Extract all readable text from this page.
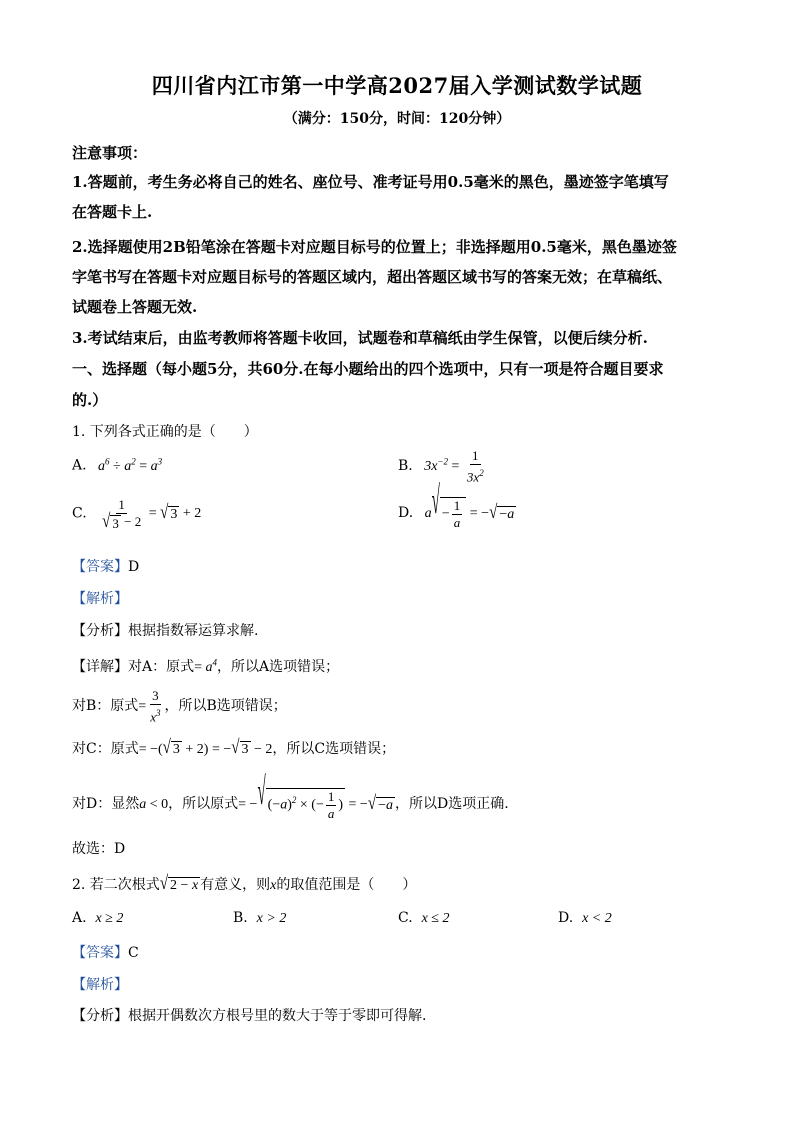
四川省内江市第一中学高2027届入学测试数学试题
（满分：150分，时间：120分钟）
注意事项：
1.答题前，考生务必将自己的姓名、座位号、准考证号用0.5毫米的黑色，墨迹签字笔填写
在答题卡上.
2.选择题使用2B铅笔涂在答题卡对应题目标号的位置上；非选择题用0.5毫米，黑色墨迹签
字笔书写在答题卡对应题目标号的答题区域内，超出答题区域书写的答案无效；在草稿纸、
试题卷上答题无效.
3.考试结束后，由监考教师将答题卡收回，试题卷和草稿纸由学生保管，以便后续分析.
一、选择题（每小题5分，共60分.在每小题给出的四个选项中，只有一项是符合题目要求
的.）
1. 下列各式正确的是（　　）
A.   $a^6 \div a^2 = a^3$	B.   $3x^{-2} = \frac{1}{3x^2}$
C. $\frac{1}{√ 3 - 2}$ = √ 3 + 2	D.   a √ − $\frac{1}{a}$ = − √ −a
【答案】D
【解析】
【分析】根据指数幂运算求解.
【详解】对A：原式= $a^4$，所以A选项错误；
对B：原式= $\frac{3}{x^3}$ ，所以B选项错误；
对C：原式= −( √ 3 + 2) = − √ 3 − 2，所以C选项错误；
对D：显然a < 0，所以原式= − √ $(-a)^2$ × (− $\frac{1}{a}$ ) = − √ −a ，所以D选项正确.
故选：D
2. 若二次根式 √ 2 − x 有意义，则x的取值范围是（　　）
A. x ≥ 2	B. x > 2	C. x ≤ 2	D. x < 2
【答案】C
【解析】
【分析】根据开偶数次方根号里的数大于等于零即可得解.
